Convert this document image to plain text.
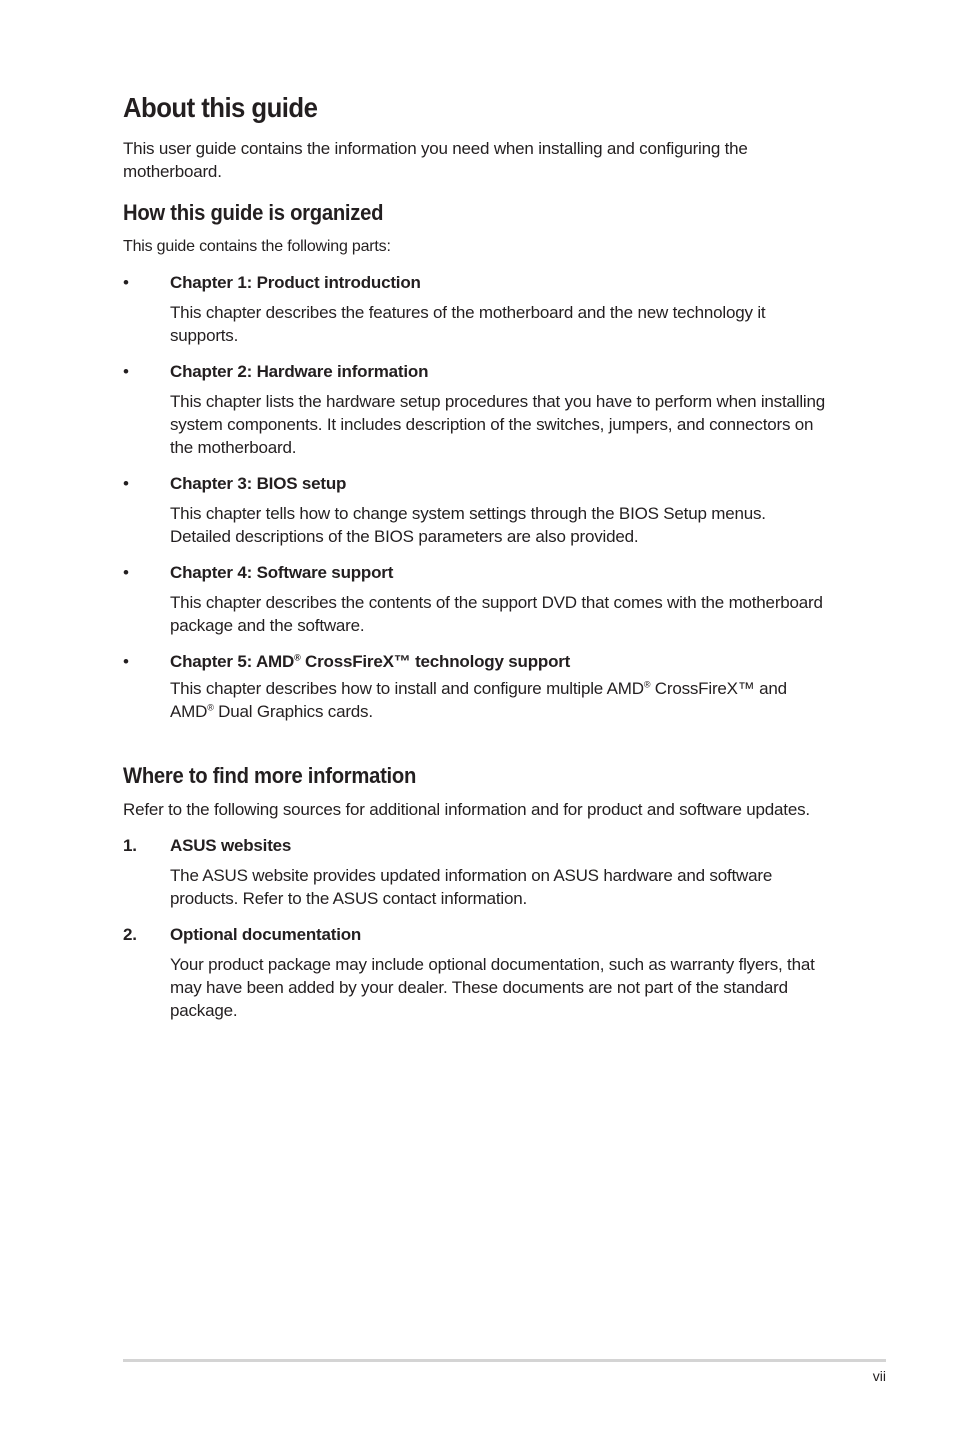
About this guide

This user guide contains the information you need when installing and configuring the motherboard.

How this guide is organized

This guide contains the following parts:

•	Chapter 1: Product introduction

This chapter describes the features of the motherboard and the new technology it supports.

•	Chapter 2: Hardware information

This chapter lists the hardware setup procedures that you have to perform when installing system components. It includes description of the switches, jumpers, and connectors on the motherboard.

•	Chapter 3: BIOS setup

This chapter tells how to change system settings through the BIOS Setup menus. Detailed descriptions of the BIOS parameters are also provided.

•	Chapter 4: Software support

This chapter describes the contents of the support DVD that comes with the motherboard package and the software.

•	Chapter 5: AMD® CrossFireX™ technology support

This chapter describes how to install and configure multiple AMD® CrossFireX™ and AMD® Dual Graphics cards.

Where to find more information

Refer to the following sources for additional information and for product and software updates.

1.	ASUS websites

The ASUS website provides updated information on ASUS hardware and software products. Refer to the ASUS contact information.

2.	Optional documentation

Your product package may include optional documentation, such as warranty flyers, that may have been added by your dealer. These documents are not part of the standard package.

vii
